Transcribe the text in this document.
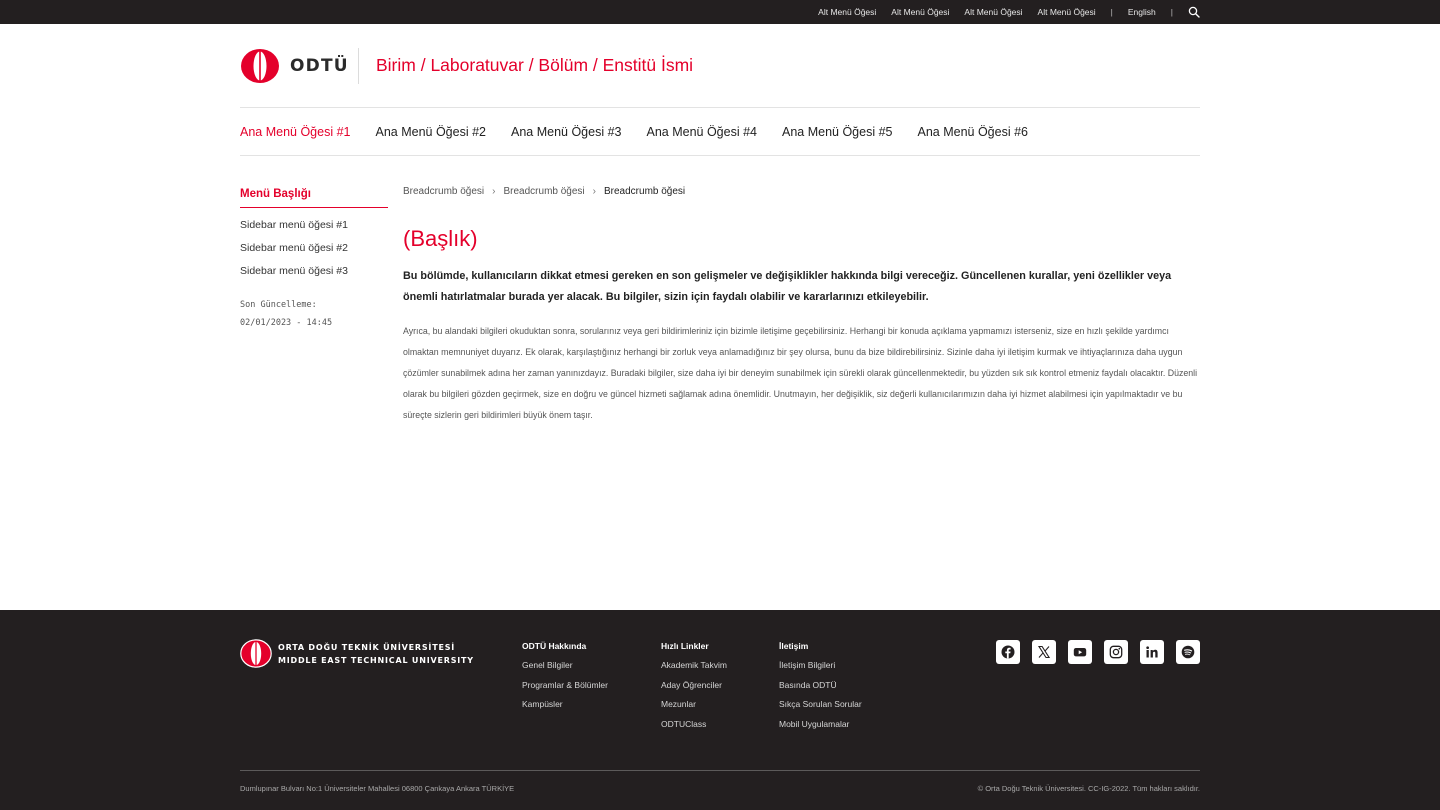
Alt Menü Öğesi Alt Menü Öğesi Alt Menü Öğesi Alt Menü Öğesi | English |
ODTÜ Birim / Laboratuvar / Bölüm / Enstitü İsmi
Ana Menü Öğesi #1 Ana Menü Öğesi #2 Ana Menü Öğesi #3 Ana Menü Öğesi #4 Ana Menü Öğesi #5 Ana Menü Öğesi #6
Menü Başlığı
Sidebar menü öğesi #1
Sidebar menü öğesi #2
Sidebar menü öğesi #3
Son Güncelleme:
02/01/2023 - 14:45
Breadcrumb öğesi › Breadcrumb öğesi › Breadcrumb öğesi
(Başlık)

Bu bölümde, kullanıcıların dikkat etmesi gereken en son gelişmeler ve değişiklikler hakkında bilgi vereceğiz. Güncellenen kurallar, yeni özellikler veya önemli hatırlatmalar burada yer alacak. Bu bilgiler, sizin için faydalı olabilir ve kararlarınızı etkileyebilir.

Ayrıca, bu alandaki bilgileri okuduktan sonra, sorularınız veya geri bildirimleriniz için bizimle iletişime geçebilirsiniz. Herhangi bir konuda açıklama yapmamızı isterseniz, size en hızlı şekilde yardımcı olmaktan memnuniyet duyarız. Ek olarak, karşılaştığınız herhangi bir zorluk veya anlamadığınız bir şey olursa, bunu da bize bildirebilirsiniz. Sizinle daha iyi iletişim kurmak ve ihtiyaçlarınıza daha uygun çözümler sunabilmek adına her zaman yanınızdayız. Buradaki bilgiler, size daha iyi bir deneyim sunabilmek için sürekli olarak güncellenmektedir, bu yüzden sık sık kontrol etmeniz faydalı olacaktır. Düzenli olarak bu bilgileri gözden geçirmek, size en doğru ve güncel hizmeti sağlamak adına önemlidir. Unutmayın, her değişiklik, siz değerli kullanıcılarımızın daha iyi hizmet alabilmesi için yapılmaktadır ve bu süreçte sizlerin geri bildirimleri büyük önem taşır.

ORTA DOĞU TEKNİK ÜNİVERSİTESİ
MIDDLE EAST TECHNICAL UNIVERSITY
ODTÜ Hakkında
Genel Bilgiler
Programlar & Bölümler
Kampüsler
Hızlı Linkler
Akademik Takvim
Aday Öğrenciler
Mezunlar
ODTUClass
İletişim
İletişim Bilgileri
Basında ODTÜ
Sıkça Sorulan Sorular
Mobil Uygulamalar
Dumlupınar Bulvarı No:1 Üniversiteler Mahallesi 06800 Çankaya Ankara TÜRKİYE	© Orta Doğu Teknik Üniversitesi. CC-IG-2022. Tüm hakları saklıdır.
